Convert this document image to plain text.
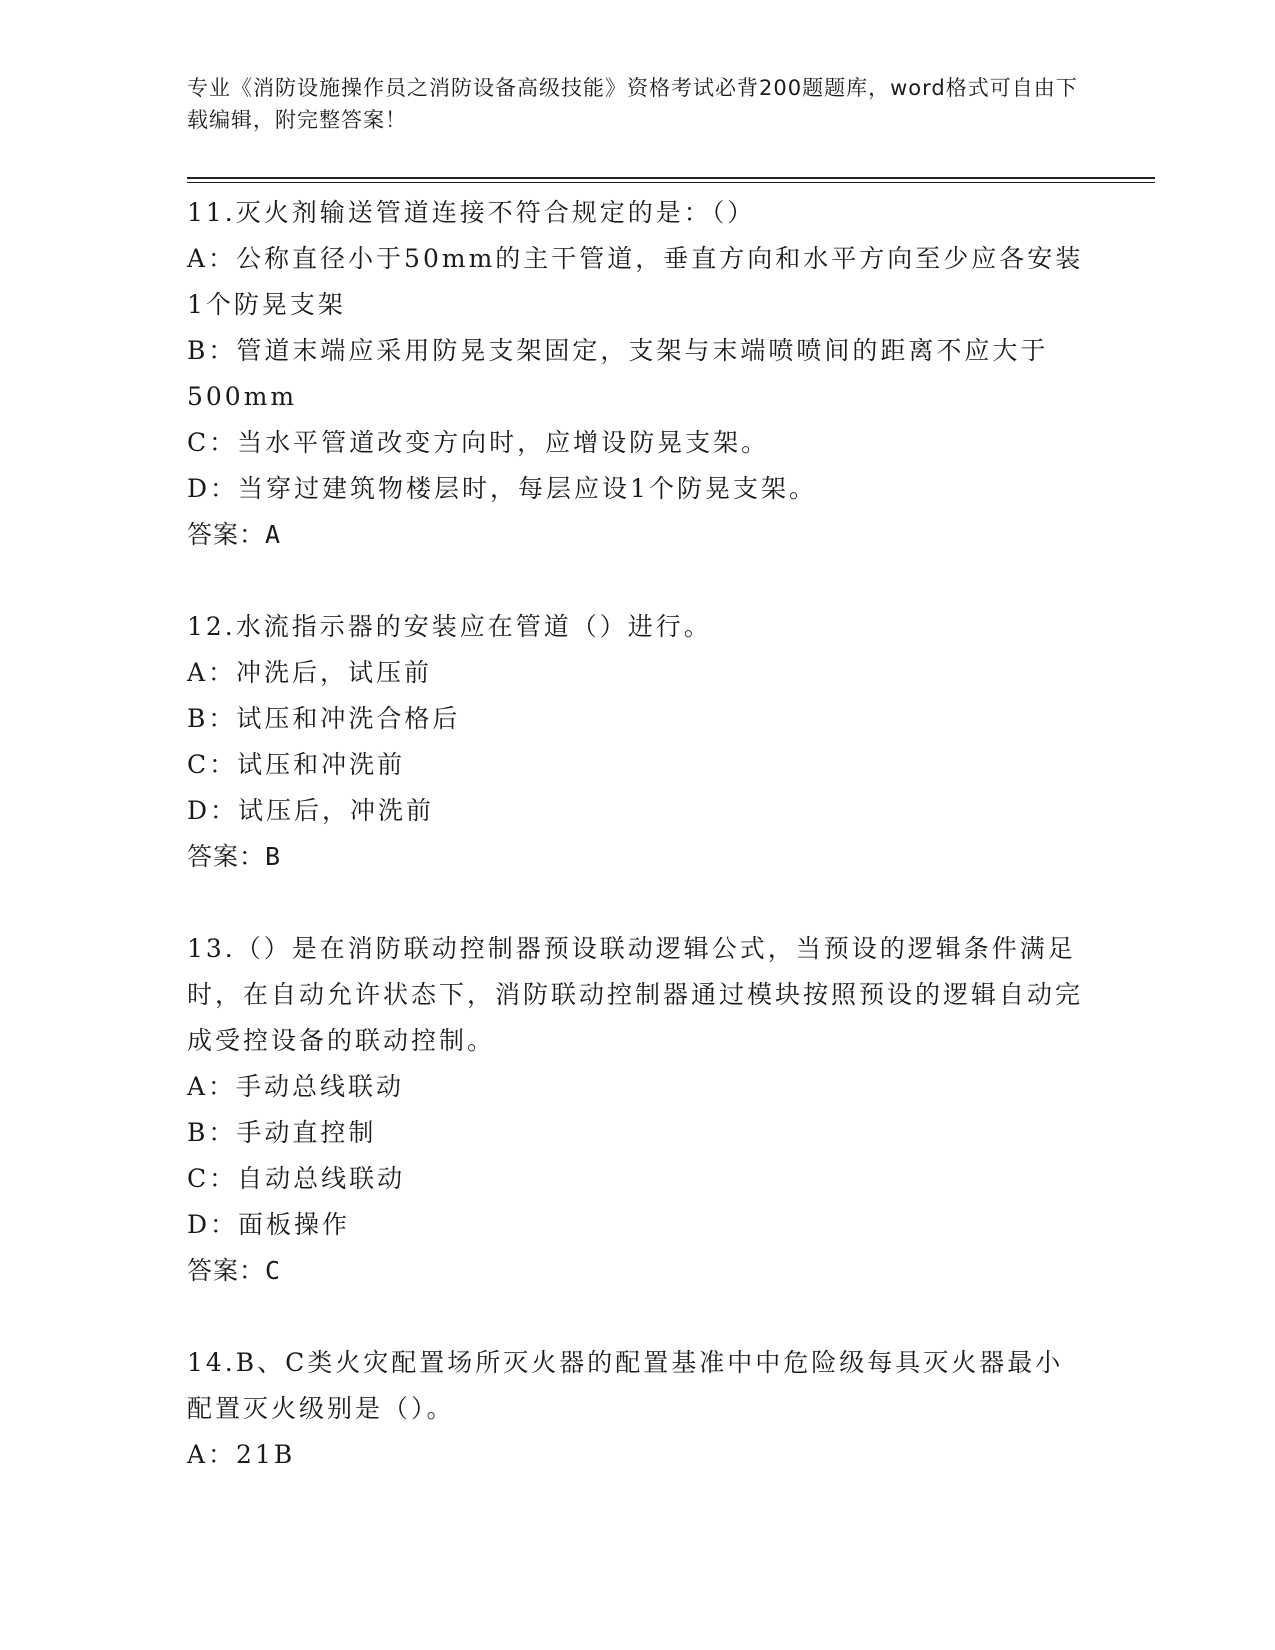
专业《消防设施操作员之消防设备高级技能》资格考试必背200题题库，word格式可自由下载编辑，附完整答案！

11.灭火剂输送管道连接不符合规定的是：（）

A：公称直径小于50mm的主干管道，垂直方向和水平方向至少应各安装1个防晃支架

B：管道末端应采用防晃支架固定，支架与末端喷喷间的距离不应大于500mm

C：当水平管道改变方向时，应增设防晃支架。

D：当穿过建筑物楼层时，每层应设1个防晃支架。

答案：A

12.水流指示器的安装应在管道（）进行。

A：冲洗后，试压前

B：试压和冲洗合格后

C：试压和冲洗前

D：试压后，冲洗前

答案：B

13.（）是在消防联动控制器预设联动逻辑公式，当预设的逻辑条件满足时，在自动允许状态下，消防联动控制器通过模块按照预设的逻辑自动完成受控设备的联动控制。

A：手动总线联动

B：手动直控制

C：自动总线联动

D：面板操作

答案：C

14.B、C类火灾配置场所灭火器的配置基准中中危险级每具灭火器最小配置灭火级别是（）。

A：21B
